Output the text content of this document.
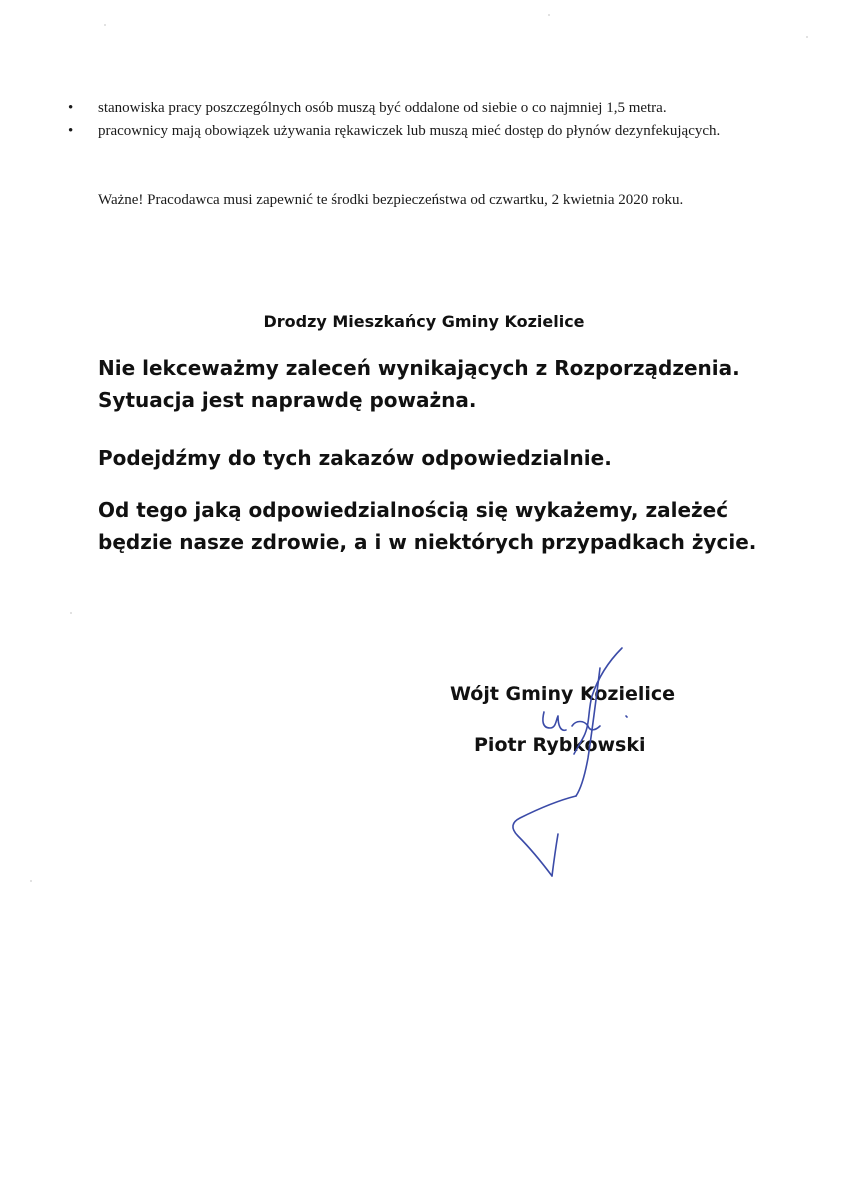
• stanowiska pracy poszczególnych osób muszą być oddalone od siebie o co najmniej 1,5 metra.
• pracownicy mają obowiązek używania rękawiczek lub muszą mieć dostęp do płynów dezynfekujących.
Ważne! Pracodawca musi zapewnić te środki bezpieczeństwa od czwartku, 2 kwietnia 2020 roku.
Drodzy Mieszkańcy Gminy Kozielice
Nie lekceważmy zaleceń wynikających z Rozporządzenia.
Sytuacja jest naprawdę poważna.
Podejdźmy do tych zakazów odpowiedzialnie.
Od tego jaką odpowiedzialnością się wykażemy, zależeć
będzie nasze zdrowie, a i w niektórych przypadkach życie.
Wójt Gminy Kozielice
Piotr Rybkowski
